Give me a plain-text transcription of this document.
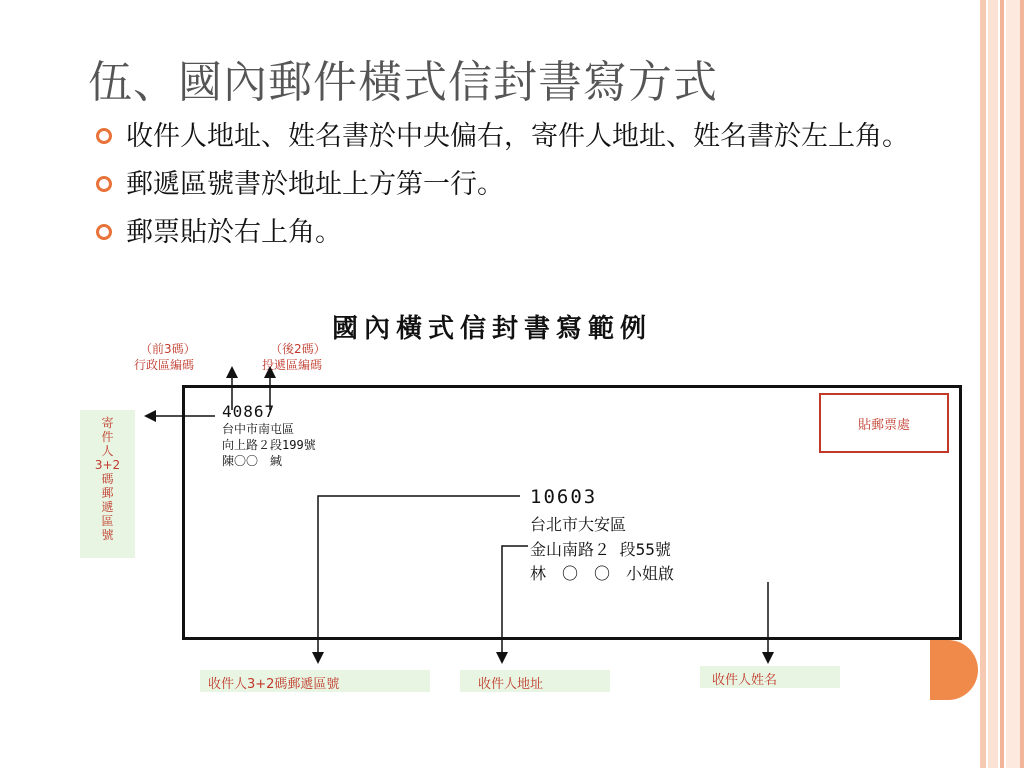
伍、國內郵件橫式信封書寫方式
收件人地址、姓名書於中央偏右，寄件人地址、姓名書於左上角。
郵遞區號書於地址上方第一行。
郵票貼於右上角。
國內橫式信封書寫範例
（前3碼）	（後2碼）
行政區編碼	投遞區編碼
寄
件
人
3+2
碼
郵
遞
區
號
貼郵票處
40867
台中市南屯區
向上路２段199號
陳〇〇　緘
10603
台北市大安區
金山南路２ 段55號
林　〇　〇　小姐啟
收件人3+2碼郵遞區號	收件人地址	收件人姓名
